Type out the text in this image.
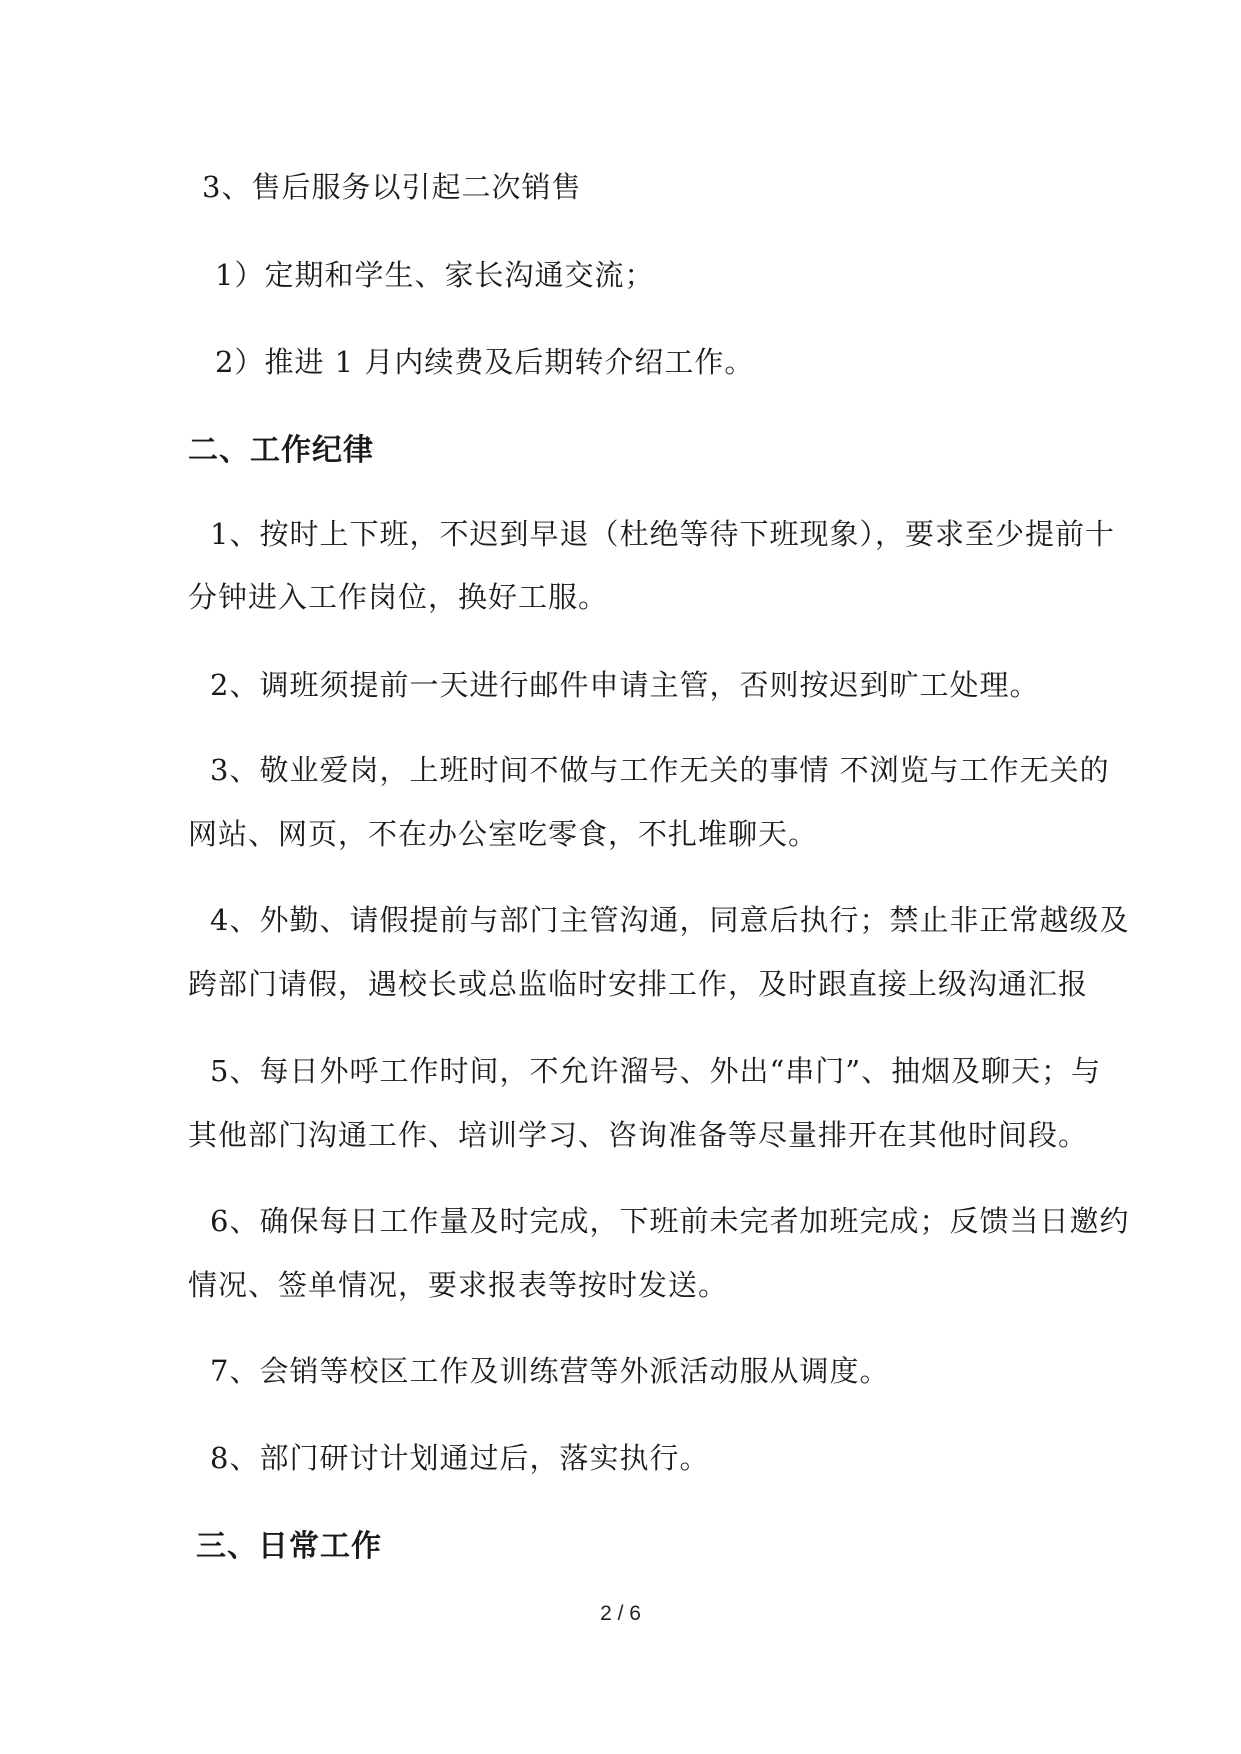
3、售后服务以引起二次销售
1）定期和学生、家长沟通交流；
2）推进 1 月内续费及后期转介绍工作。
二、工作纪律
1、按时上下班，不迟到早退（杜绝等待下班现象），要求至少提前十
分钟进入工作岗位，换好工服。
2、调班须提前一天进行邮件申请主管，否则按迟到旷工处理。
3、敬业爱岗，上班时间不做与工作无关的事情 不浏览与工作无关的
网站、网页，不在办公室吃零食，不扎堆聊天。
4、外勤、请假提前与部门主管沟通，同意后执行；禁止非正常越级及
跨部门请假，遇校长或总监临时安排工作，及时跟直接上级沟通汇报
5、每日外呼工作时间，不允许溜号、外出“串门”、抽烟及聊天；与
其他部门沟通工作、培训学习、咨询准备等尽量排开在其他时间段。
6、确保每日工作量及时完成，下班前未完者加班完成；反馈当日邀约
情况、签单情况，要求报表等按时发送。
7、会销等校区工作及训练营等外派活动服从调度。
8、部门研讨计划通过后，落实执行。
三、日常工作
2 / 6
